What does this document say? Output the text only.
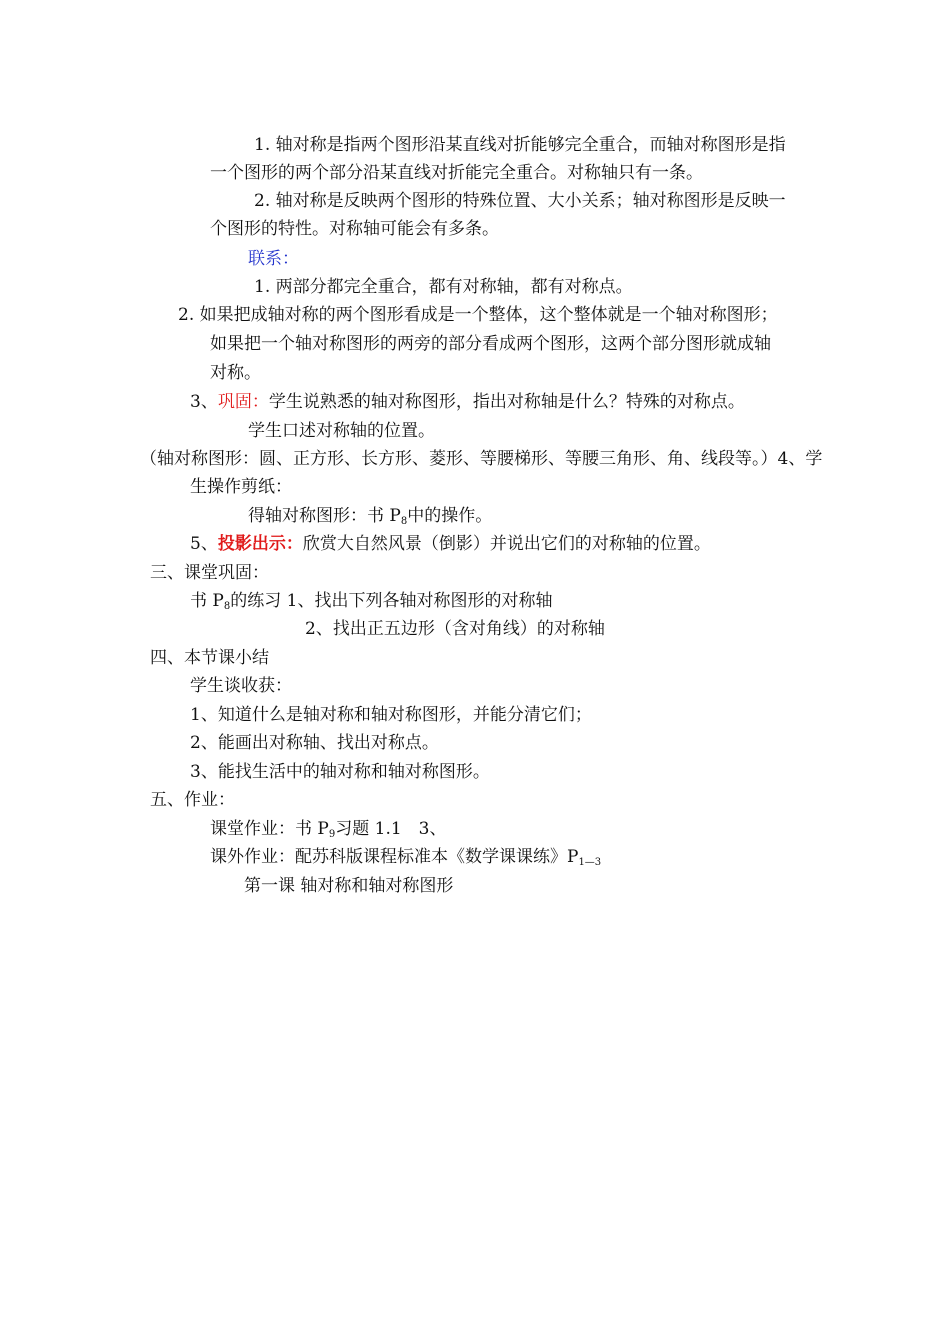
1. 轴对称是指两个图形沿某直线对折能够完全重合，而轴对称图形是指
一个图形的两个部分沿某直线对折能完全重合。对称轴只有一条。
2. 轴对称是反映两个图形的特殊位置、大小关系；轴对称图形是反映一
个图形的特性。对称轴可能会有多条。
联系：
1. 两部分都完全重合，都有对称轴，都有对称点。
2. 如果把成轴对称的两个图形看成是一个整体，这个整体就是一个轴对称图形；
如果把一个轴对称图形的两旁的部分看成两个图形，这两个部分图形就成轴
对称。
3、巩固：学生说熟悉的轴对称图形，指出对称轴是什么？特殊的对称点。
学生口述对称轴的位置。
（轴对称图形：圆、正方形、长方形、菱形、等腰梯形、等腰三角形、角、线段等。）4、学
生操作剪纸：
得轴对称图形：书 $P_8$中的操作。
5、投影出示：欣赏大自然风景（倒影）并说出它们的对称轴的位置。
三、课堂巩固：
书 $P_8$的练习 1、找出下列各轴对称图形的对称轴
2、找出正五边形（含对角线）的对称轴
四、本节课小结
学生谈收获：
1、知道什么是轴对称和轴对称图形，并能分清它们；
2、能画出对称轴、找出对称点。
3、能找生活中的轴对称和轴对称图形。
五、作业：
课堂作业：书 $P_9$习题 1.1　3、
课外作业：配苏科版课程标准本《数学课课练》$P_{1—3}$
第一课 轴对称和轴对称图形
